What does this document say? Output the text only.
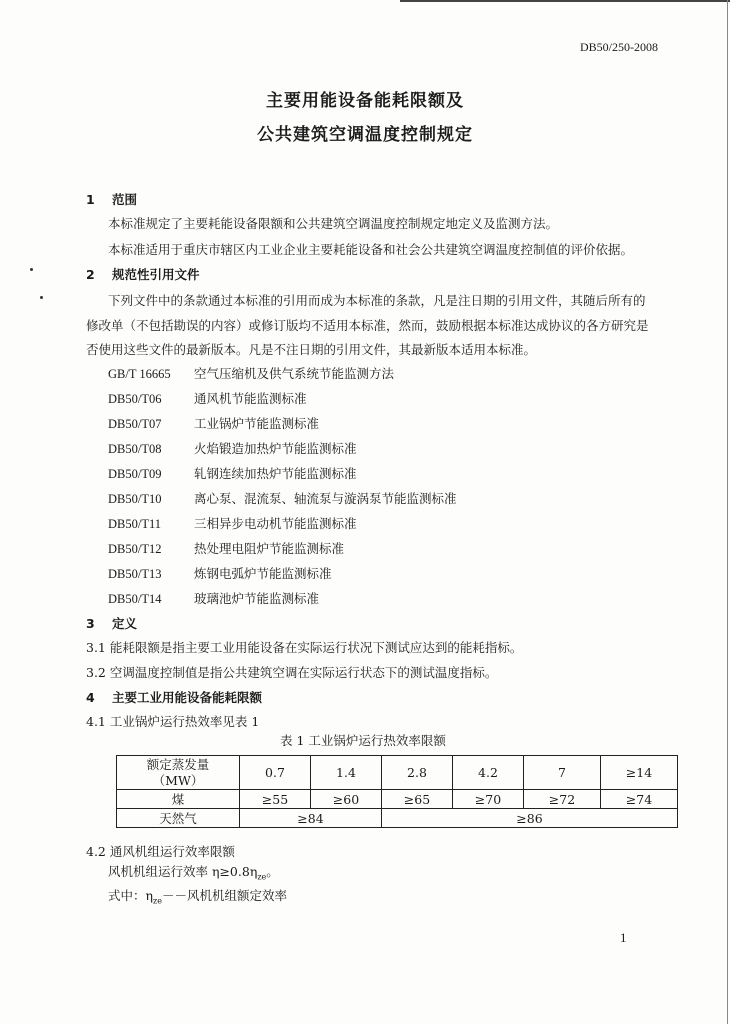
DB50/250-2008
主要用能设备能耗限额及
公共建筑空调温度控制规定
1 范围
本标准规定了主要耗能设备限额和公共建筑空调温度控制规定地定义及监测方法。
本标准适用于重庆市辖区内工业企业主要耗能设备和社会公共建筑空调温度控制值的评价依据。
2 规范性引用文件
下列文件中的条款通过本标准的引用而成为本标准的条款，凡是注日期的引用文件，其随后所有的
修改单（不包括勘误的内容）或修订版均不适用本标准，然而，鼓励根据本标准达成协议的各方研究是
否使用这些文件的最新版本。凡是不注日期的引用文件，其最新版本适用本标准。
GB/T 16665 空气压缩机及供气系统节能监测方法
DB50/T06	通风机节能监测标准
DB50/T07	工业锅炉节能监测标准
DB50/T08	火焰锻造加热炉节能监测标准
DB50/T09	轧钢连续加热炉节能监测标准
DB50/T10	离心泵、混流泵、轴流泵与漩涡泵节能监测标准
DB50/T11	三相异步电动机节能监测标准
DB50/T12	热处理电阻炉节能监测标准
DB50/T13	炼钢电弧炉节能监测标准
DB50/T14	玻璃池炉节能监测标准
3 定义
3.1 能耗限额是指主要工业用能设备在实际运行状况下测试应达到的能耗指标。
3.2 空调温度控制值是指公共建筑空调在实际运行状态下的测试温度指标。
4 主要工业用能设备能耗限额
4.1 工业锅炉运行热效率见表 1
表 1 工业锅炉运行热效率限额
额定蒸发量
（MW）	0.7	1.4	2.8	4.2	7	≥14
煤	≥55	≥60	≥65	≥70	≥72	≥74
天然气	≥84		≥86			
4.2 通风机组运行效率限额
风机机组运行效率 $\eta\ge 0.8\eta_{ze}$。
式中：$\eta_{ze}--$风机机组额定效率
1
